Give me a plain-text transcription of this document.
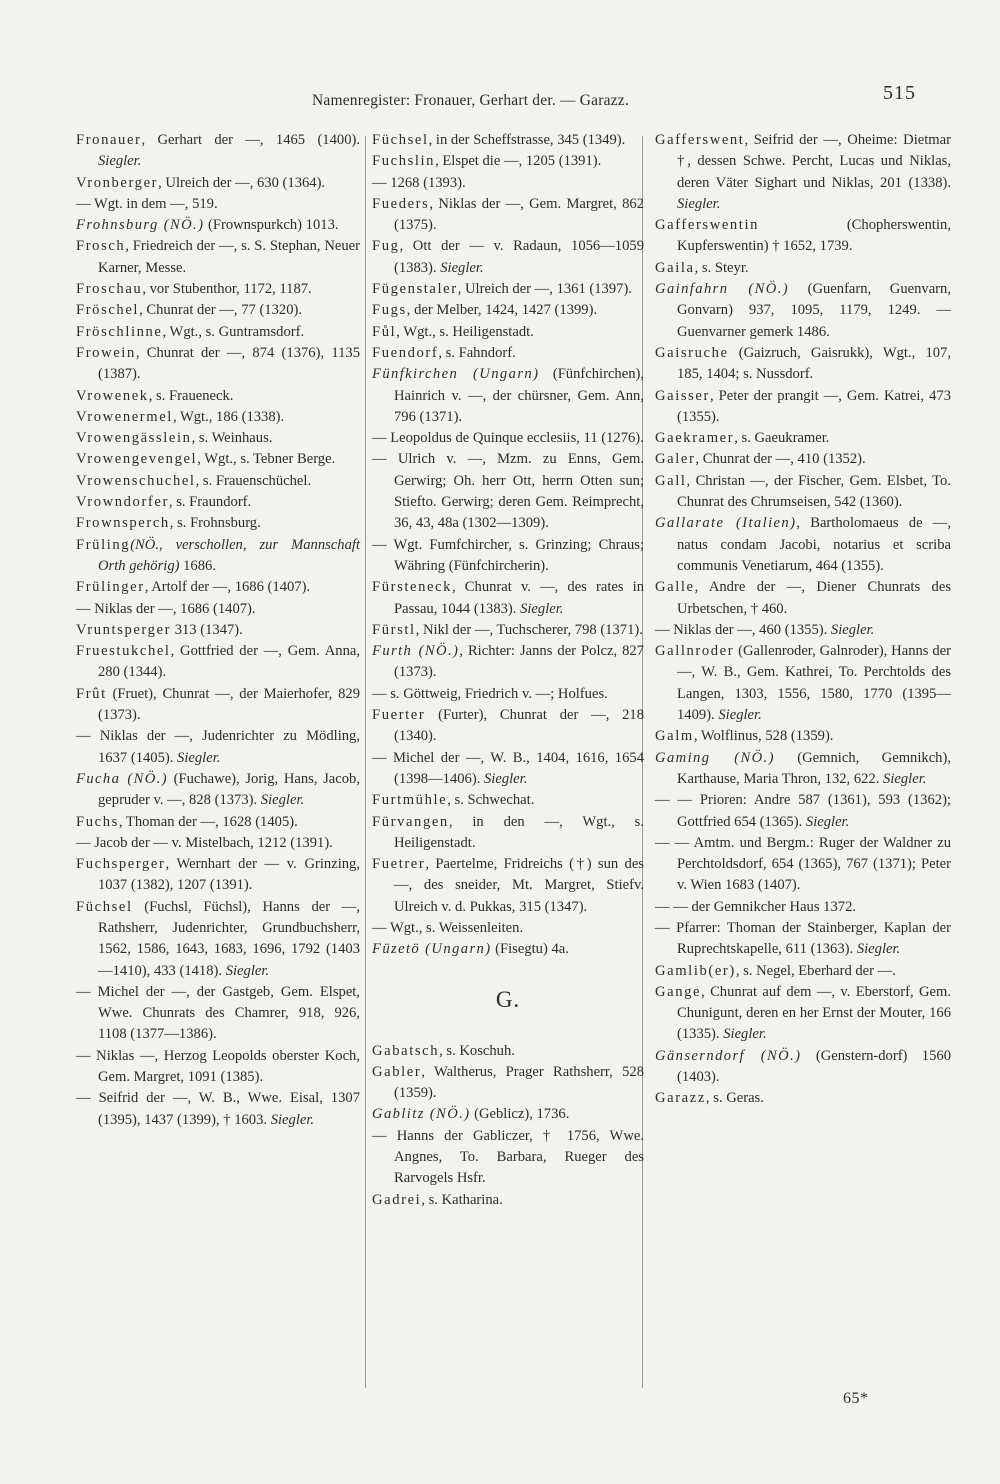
Namenregister: Fronauer, Gerhart der. — Garazz.	515

Fronauer, Gerhart der —, 1465 (1400). Siegler.

Vronberger, Ulreich der —, 630 (1364).

— Wgt. in dem —, 519.

Frohnsburg (NÖ.) (Frownspurkch) 1013.

Frosch, Friedreich der —, s. S. Stephan, Neuer Karner, Messe.

Froschau, vor Stubenthor, 1172, 1187.

Fröschel, Chunrat der —, 77 (1320).

Fröschlinne, Wgt., s. Guntramsdorf.

Frowein, Chunrat der —, 874 (1376), 1135 (1387).

Vrowenek, s. Fraueneck.

Vrowenermel, Wgt., 186 (1338).

Vrowengässlein, s. Weinhaus.

Vrowengevengel, Wgt., s. Tebner Berge.

Vrowenschuchel, s. Frauenschüchel.

Vrowndorfer, s. Fraundorf.

Frownsperch, s. Frohnsburg.

Früling(NÖ., verschollen, zur Mannschaft Orth gehörig) 1686.

Frülinger, Artolf der —, 1686 (1407).

— Niklas der —, 1686 (1407).

Vruntsperger 313 (1347).

Fruestukchel, Gottfried der —, Gem. Anna, 280 (1344).

Frût (Fruet), Chunrat —, der Maierhofer, 829 (1373).

— Niklas der —, Judenrichter zu Mödling, 1637 (1405). Siegler.

Fucha (NÖ.) (Fuchawe), Jorig, Hans, Jacob, gepruder v. —, 828 (1373). Siegler.

Fuchs, Thoman der —, 1628 (1405).

— Jacob der — v. Mistelbach, 1212 (1391).

Fuchsperger, Wernhart der — v. Grinzing, 1037 (1382), 1207 (1391).

Füchsel (Fuchsl, Füchsl), Hanns der —, Rathsherr, Judenrichter, Grundbuchsherr, 1562, 1586, 1643, 1683, 1696, 1792 (1403—1410), 433 (1418). Siegler.

— Michel der —, der Gastgeb, Gem. Elspet, Wwe. Chunrats des Chamrer, 918, 926, 1108 (1377—1386).

— Niklas —, Herzog Leopolds oberster Koch, Gem. Margret, 1091 (1385).

— Seifrid der —, W. B., Wwe. Eisal, 1307 (1395), 1437 (1399), † 1603. Siegler.

Füchsel, in der Scheffstrasse, 345 (1349).

Fuchslin, Elspet die —, 1205 (1391).

— 1268 (1393).

Fueders, Niklas der —, Gem. Margret, 862 (1375).

Fug, Ott der — v. Radaun, 1056—1059 (1383). Siegler.

Fügenstaler, Ulreich der —, 1361 (1397).

Fugs, der Melber, 1424, 1427 (1399).

Fůl, Wgt., s. Heiligenstadt.

Fuendorf, s. Fahndorf.

Fünfkirchen (Ungarn) (Fünfchirchen), Hainrich v. —, der chürsner, Gem. Ann, 796 (1371).

— Leopoldus de Quinque ecclesiis, 11 (1276).

— Ulrich v. —, Mzm. zu Enns, Gem. Gerwirg; Oh. herr Ott, herrn Otten sun; Stiefto. Gerwirg; deren Gem. Reimprecht, 36, 43, 48a (1302—1309).

— Wgt. Fumfchircher, s. Grinzing; Chraus; Währing (Fünfchircherin).

Fürsteneck, Chunrat v. —, des rates in Passau, 1044 (1383). Siegler.

Fürstl, Nikl der —, Tuchscherer, 798 (1371).

Furth (NÖ.), Richter: Janns der Polcz, 827 (1373).

— s. Göttweig, Friedrich v. —; Holfues.

Fuerter (Furter), Chunrat der —, 218 (1340).

— Michel der —, W. B., 1404, 1616, 1654 (1398—1406). Siegler.

Furtmühle, s. Schwechat.

Fürvangen, in den —, Wgt., s. Heiligenstadt.

Fuetrer, Paertelme, Fridreichs (†) sun des —, des sneider, Mt. Margret, Stiefv. Ulreich v. d. Pukkas, 315 (1347).

— Wgt., s. Weissenleiten.

Füzetö (Ungarn) (Fisegtu) 4a.

G.

Gabatsch, s. Koschuh.

Gabler, Waltherus, Prager Rathsherr, 528 (1359).

Gablitz (NÖ.) (Geblicz), 1736.

— Hanns der Gabliczer, † 1756, Wwe. Angnes, To. Barbara, Rueger des Rarvogels Hsfr.

Gadrei, s. Katharina.

Gafferswent, Seifrid der —, Oheime: Dietmar †, dessen Schwe. Percht, Lucas und Niklas, deren Väter Sighart und Niklas, 201 (1338). Siegler.

Gafferswentin (Chopherswentin, Kupferswentin) † 1652, 1739.

Gaila, s. Steyr.

Gainfahrn (NÖ.) (Guenfarn, Guenvarn, Gonvarn) 937, 1095, 1179, 1249. — Guenvarner gemerk 1486.

Gaisruche (Gaizruch, Gaisrukk), Wgt., 107, 185, 1404; s. Nussdorf.

Gaisser, Peter der prangit —, Gem. Katrei, 473 (1355).

Gaekramer, s. Gaeukramer.

Galer, Chunrat der —, 410 (1352).

Gall, Christan —, der Fischer, Gem. Elsbet, To. Chunrat des Chrumseisen, 542 (1360).

Gallarate (Italien), Bartholomaeus de —, natus condam Jacobi, notarius et scriba communis Venetiarum, 464 (1355).

Galle, Andre der —, Diener Chunrats des Urbetschen, † 460.

— Niklas der —, 460 (1355). Siegler.

Gallnroder (Gallenroder, Galnroder), Hanns der —, W. B., Gem. Kathrei, To. Perchtolds des Langen, 1303, 1556, 1580, 1770 (1395—1409). Siegler.

Galm, Wolflinus, 528 (1359).

Gaming (NÖ.) (Gemnich, Gemnikch), Karthause, Maria Thron, 132, 622. Siegler.

— — Prioren: Andre 587 (1361), 593 (1362); Gottfried 654 (1365). Siegler.

— — Amtm. und Bergm.: Ruger der Waldner zu Perchtoldsdorf, 654 (1365), 767 (1371); Peter v. Wien 1683 (1407).

— — der Gemnikcher Haus 1372.

— Pfarrer: Thoman der Stainberger, Kaplan der Ruprechtskapelle, 611 (1363). Siegler.

Gamlib(er), s. Negel, Eberhard der —.

Gange, Chunrat auf dem —, v. Eberstorf, Gem. Chunigunt, deren en her Ernst der Mouter, 166 (1335). Siegler.

Gänserndorf (NÖ.) (Genstern-dorf) 1560 (1403).

Garazz, s. Geras.

65*
